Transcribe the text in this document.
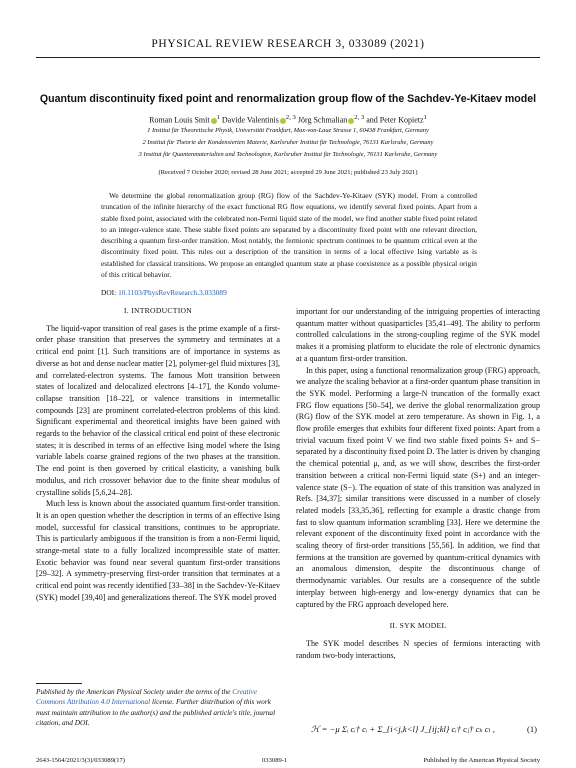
PHYSICAL REVIEW RESEARCH 3, 033089 (2021)
Quantum discontinuity fixed point and renormalization group flow of the Sachdev-Ye-Kitaev model
Roman Louis Smit $^1$ Davide Valentinis $^{2, 3}$ Jörg Schmalian $^{2, 3}$ and Peter Kopietz$^1$
1 Institut für Theoretische Physik, Universität Frankfurt, Max-von-Laue Strasse 1, 60438 Frankfurt, Germany
2 Institut für Theorie der Kondensierten Materie, Karlsruher Institut für Technologie, 76131 Karlsruhe, Germany
3 Institut für Quantenmaterialien und Technologien, Karlsruher Institut für Technologie, 76131 Karlsruhe, Germany
(Received 7 October 2020; revised 28 June 2021; accepted 29 June 2021; published 23 July 2021)
We determine the global renormalization group (RG) flow of the Sachdev-Ye-Kitaev (SYK) model. From a controlled truncation of the infinite hierarchy of the exact functional RG flow equations, we identify several fixed points. Apart from a stable fixed point, associated with the celebrated non-Fermi liquid state of the model, we find another stable fixed point related to an integer-valence state. These stable fixed points are separated by a discontinuity fixed point with one relevant direction, describing a quantum first-order transition. Most notably, the fermionic spectrum continues to be quantum critical even at the discontinuity fixed point. This rules out a description of the transition in terms of a local effective Ising variable as is established for classical transitions. We propose an entangled quantum state at phase coexistence as a possible physical origin of this critical behavior.
DOI: 10.1103/PhysRevResearch.3.033089
I. INTRODUCTION

The liquid-vapor transition of real gases is the prime example of a first-order phase transition that preserves the symmetry and terminates at a critical end point [1]. Such transitions are of importance in systems as diverse as hot and dense nuclear matter [2], polymer-gel fluid mixtures [3], and correlated-electron systems. The famous Mott transition between states of localized and delocalized electrons [4–17], the Kondo volume-collapse transition [18–22], or valence transitions in intermetallic compounds [23] are prominent correlated-electron problems of this kind. Significant experimental and theoretical insights have been gained with regards to the behavior of the classical critical end point of these electronic states; it is described in terms of an effective Ising model where the Ising variable labels coarse grained regions of the two phases at the transition. The end point is then governed by critical elasticity, a vanishing bulk modulus, and rich crossover behavior due to the finite shear modulus of crystalline solids [5,6,24–28].

Much less is known about the associated quantum first-order transition. It is an open question whether the description in terms of an effective Ising model, successful for classical transitions, continues to be appropriate. This is particularly ambiguous if the transition is from a non-Fermi liquid, strange-metal state to a fully localized incompressible state of matter. Exotic behavior was found near several quantum first-order transitions [29–32]. A symmetry-preserving first-order transition that terminates at a critical end point was recently identified [33–38] in the Sachdev-Ye-Kitaev (SYK) model [39,40] and generalizations thereof. The SYK model proved

important for our understanding of the intriguing properties of interacting quantum matter without quasiparticles [35,41–49]. The ability to perform controlled calculations in the strong-coupling regime of the SYK model makes it a promising platform to elucidate the role of electronic dynamics at a quantum first-order transition.

In this paper, using a functional renormalization group (FRG) approach, we analyze the scaling behavior at a first-order quantum phase transition in the SYK model. Performing a large-N truncation of the formally exact FRG flow equations [50–54], we derive the global renormalization group (RG) flow of the SYK model at zero temperature. As shown in Fig. 1, a flow profile emerges that exhibits four different fixed points: Apart from a trivial vacuum fixed point V we find two stable fixed points S+ and S− separated by a discontinuity fixed point D. The latter is driven by changing the chemical potential μ, and, as we will show, describes the first-order transition between a critical non-Fermi liquid state (S+) and an integer-valence state (S−). The equation of state of this transition was analyzed in Refs. [34,37]; similar transitions were discussed in a number of closely related models [33,35,36], reflecting for example a drastic change from fast to slow quantum information scrambling [33]. Here we determine the relevant exponent of the discontinuity fixed point in accordance with the scaling theory of first-order transitions [55,56]. In addition, we find that fermions at the transition are governed by quantum-critical dynamics with an anomalous dimension, despite the discontinuous change of thermodynamic variables. Our results are a consequence of the subtle interplay between high-energy and low-energy dynamics that can be captured by the FRG approach developed here.

II. SYK MODEL

The SYK model describes N species of fermions interacting with random two-body interactions,

ℋ = −μ Σᵢ cᵢ† cᵢ + Σ_{i<j,k<l} J_{ij;kl} cᵢ† cⱼ† cₖ cₗ ,	(1)
Published by the American Physical Society under the terms of the Creative Commons Attribution 4.0 International license. Further distribution of this work must maintain attribution to the author(s) and the published article's title, journal citation, and DOI.
2643-1564/2021/3(3)/033089(17)	033089-1	Published by the American Physical Society
